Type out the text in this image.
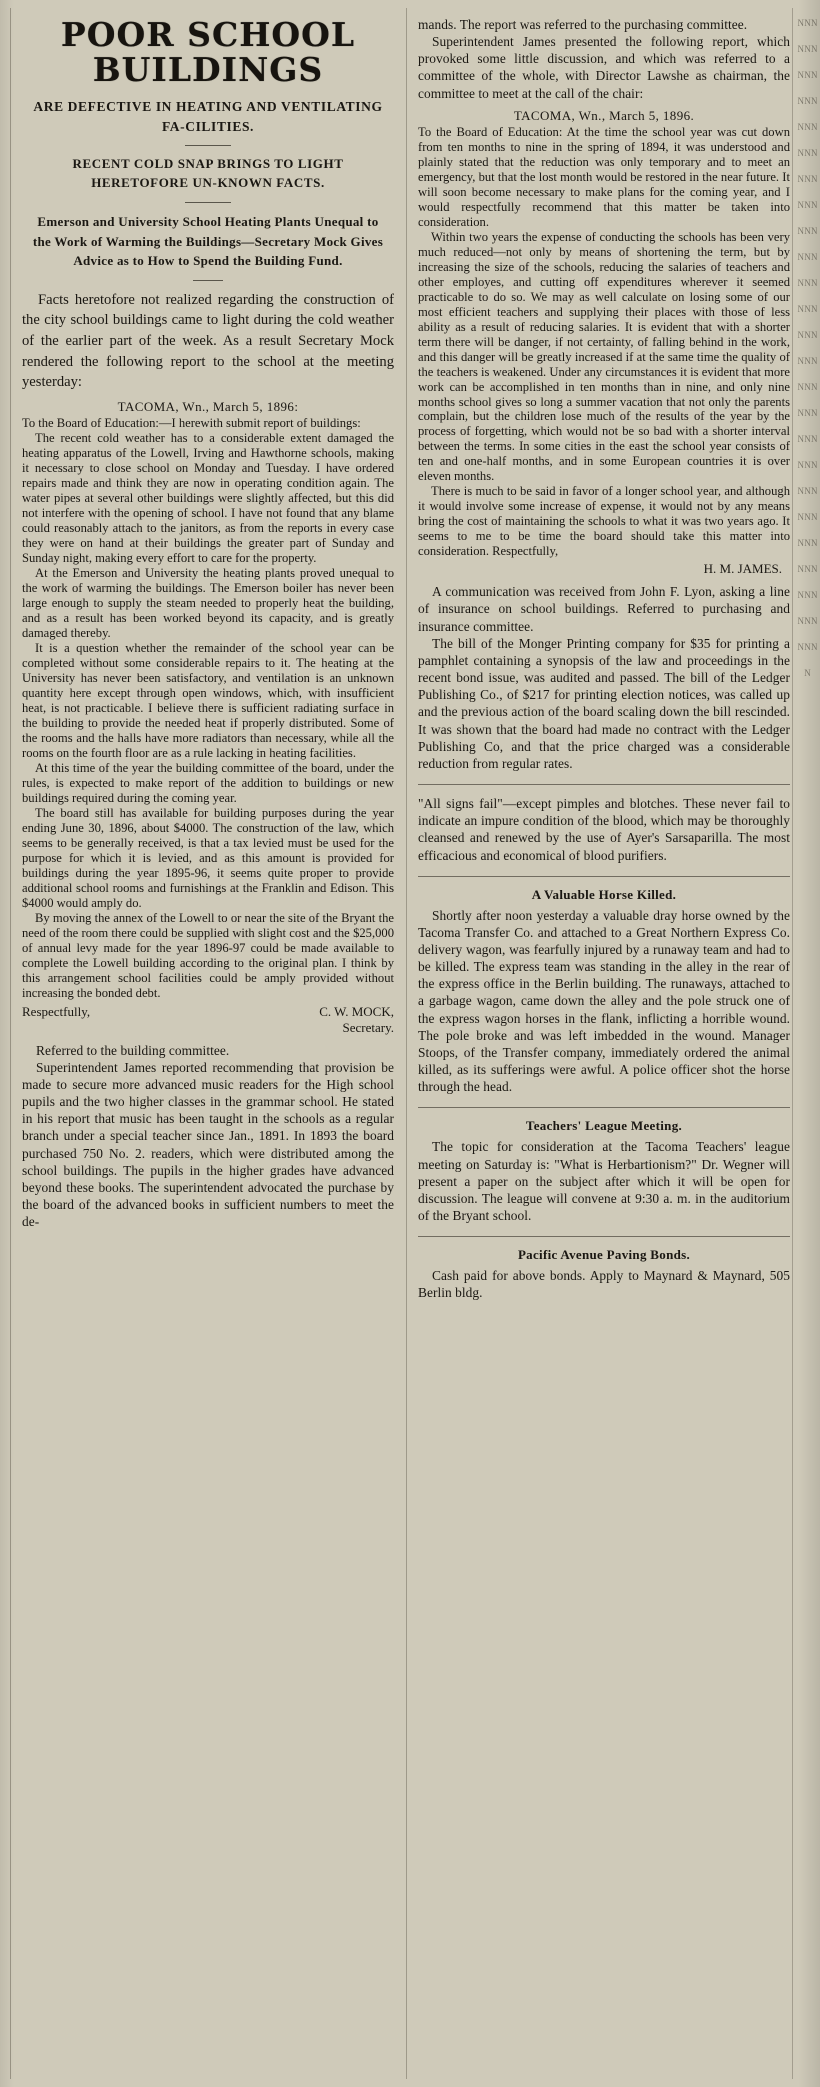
N N N N N N N N N N N N N N N N N N N N N N N N N N N N N N N N N N N N N N N N N N N N N N N N N N N N N N N N N N N N N N N N N N N N N N N N N N N N
POOR SCHOOL BUILDINGS
ARE DEFECTIVE IN HEATING AND VENTILATING FA-CILITIES.
RECENT COLD SNAP BRINGS TO LIGHT HERETOFORE UN-KNOWN FACTS.
Emerson and University School Heating Plants Unequal to the Work of Warming the Buildings—Secretary Mock Gives Advice as to How to Spend the Building Fund.

Facts heretofore not realized regarding the construction of the city school buildings came to light during the cold weather of the earlier part of the week. As a result Secretary Mock rendered the following report to the school at the meeting yesterday:

TACOMA, Wn., March 5, 1896:

To the Board of Education:—I herewith submit report of buildings:

The recent cold weather has to a considerable extent damaged the heating apparatus of the Lowell, Irving and Hawthorne schools, making it necessary to close school on Monday and Tuesday. I have ordered repairs made and think they are now in operating condition again. The water pipes at several other buildings were slightly affected, but this did not interfere with the opening of school. I have not found that any blame could reasonably attach to the janitors, as from the reports in every case they were on hand at their buildings the greater part of Sunday and Sunday night, making every effort to care for the property.

At the Emerson and University the heating plants proved unequal to the work of warming the buildings. The Emerson boiler has never been large enough to supply the steam needed to properly heat the building, and as a result has been worked beyond its capacity, and is greatly damaged thereby.

It is a question whether the remainder of the school year can be completed without some considerable repairs to it. The heating at the University has never been satisfactory, and ventilation is an unknown quantity here except through open windows, which, with insufficient heat, is not practicable. I believe there is sufficient radiating surface in the building to provide the needed heat if properly distributed. Some of the rooms and the halls have more radiators than necessary, while all the rooms on the fourth floor are as a rule lacking in heating facilities.

At this time of the year the building committee of the board, under the rules, is expected to make report of the addition to buildings or new buildings required during the coming year.

The board still has available for building purposes during the year ending June 30, 1896, about $4000. The construction of the law, which seems to be generally received, is that a tax levied must be used for the purpose for which it is levied, and as this amount is provided for buildings during the year 1895-96, it seems quite proper to provide additional school rooms and furnishings at the Franklin and Edison. This $4000 would amply do.

By moving the annex of the Lowell to or near the site of the Bryant the need of the room there could be supplied with slight cost and the $25,000 of annual levy made for the year 1896-97 could be made available to complete the Lowell building according to the original plan. I think by this arrangement school facilities could be amply provided without increasing the bonded debt.

Respectfully,	C. W. MOCK,
Secretary.

Referred to the building committee.

Superintendent James reported recommending that provision be made to secure more advanced music readers for the High school pupils and the two higher classes in the grammar school. He stated in his report that music has been taught in the schools as a regular branch under a special teacher since Jan., 1891. In 1893 the board purchased 750 No. 2. readers, which were distributed among the school buildings. The pupils in the higher grades have advanced beyond these books. The superintendent advocated the purchase by the board of the advanced books in sufficient numbers to meet the de-

mands. The report was referred to the purchasing committee.

Superintendent James presented the following report, which provoked some little discussion, and which was referred to a committee of the whole, with Director Lawshe as chairman, the committee to meet at the call of the chair:

TACOMA, Wn., March 5, 1896.

To the Board of Education: At the time the school year was cut down from ten months to nine in the spring of 1894, it was understood and plainly stated that the reduction was only temporary and to meet an emergency, but that the lost month would be restored in the near future. It will soon become necessary to make plans for the coming year, and I would respectfully recommend that this matter be taken into consideration.

Within two years the expense of conducting the schools has been very much reduced—not only by means of shortening the term, but by increasing the size of the schools, reducing the salaries of teachers and other employes, and cutting off expenditures wherever it seemed practicable to do so. We may as well calculate on losing some of our most efficient teachers and supplying their places with those of less ability as a result of reducing salaries. It is evident that with a shorter term there will be danger, if not certainty, of falling behind in the work, and this danger will be greatly increased if at the same time the quality of the teachers is weakened. Under any circumstances it is evident that more work can be accomplished in ten months than in nine, and only nine months school gives so long a summer vacation that not only the parents complain, but the children lose much of the results of the year by the process of forgetting, which would not be so bad with a shorter interval between the terms. In some cities in the east the school year consists of ten and one-half months, and in some European countries it is over eleven months.

There is much to be said in favor of a longer school year, and although it would involve some increase of expense, it would not by any means bring the cost of maintaining the schools to what it was two years ago. It seems to me to be time the board should take this matter into consideration. Respectfully,

H. M. JAMES.

A communication was received from John F. Lyon, asking a line of insurance on school buildings. Referred to purchasing and insurance committee.

The bill of the Monger Printing company for $35 for printing a pamphlet containing a synopsis of the law and proceedings in the recent bond issue, was audited and passed. The bill of the Ledger Publishing Co., of $217 for printing election notices, was called up and the previous action of the board scaling down the bill rescinded. It was shown that the board had made no contract with the Ledger Publishing Co, and that the price charged was a considerable reduction from regular rates.

"All signs fail"—except pimples and blotches. These never fail to indicate an impure condition of the blood, which may be thoroughly cleansed and renewed by the use of Ayer's Sarsaparilla. The most efficacious and economical of blood purifiers.

A Valuable Horse Killed.

Shortly after noon yesterday a valuable dray horse owned by the Tacoma Transfer Co. and attached to a Great Northern Express Co. delivery wagon, was fearfully injured by a runaway team and had to be killed. The express team was standing in the alley in the rear of the express office in the Berlin building. The runaways, attached to a garbage wagon, came down the alley and the pole struck one of the express wagon horses in the flank, inflicting a horrible wound. The pole broke and was left imbedded in the wound. Manager Stoops, of the Transfer company, immediately ordered the animal killed, as its sufferings were awful. A police officer shot the horse through the head.

Teachers' League Meeting.

The topic for consideration at the Tacoma Teachers' league meeting on Saturday is: "What is Herbartionism?" Dr. Wegner will present a paper on the subject after which it will be open for discussion. The league will convene at 9:30 a. m. in the auditorium of the Bryant school.

Pacific Avenue Paving Bonds.

Cash paid for above bonds. Apply to Maynard & Maynard, 505 Berlin bldg.
